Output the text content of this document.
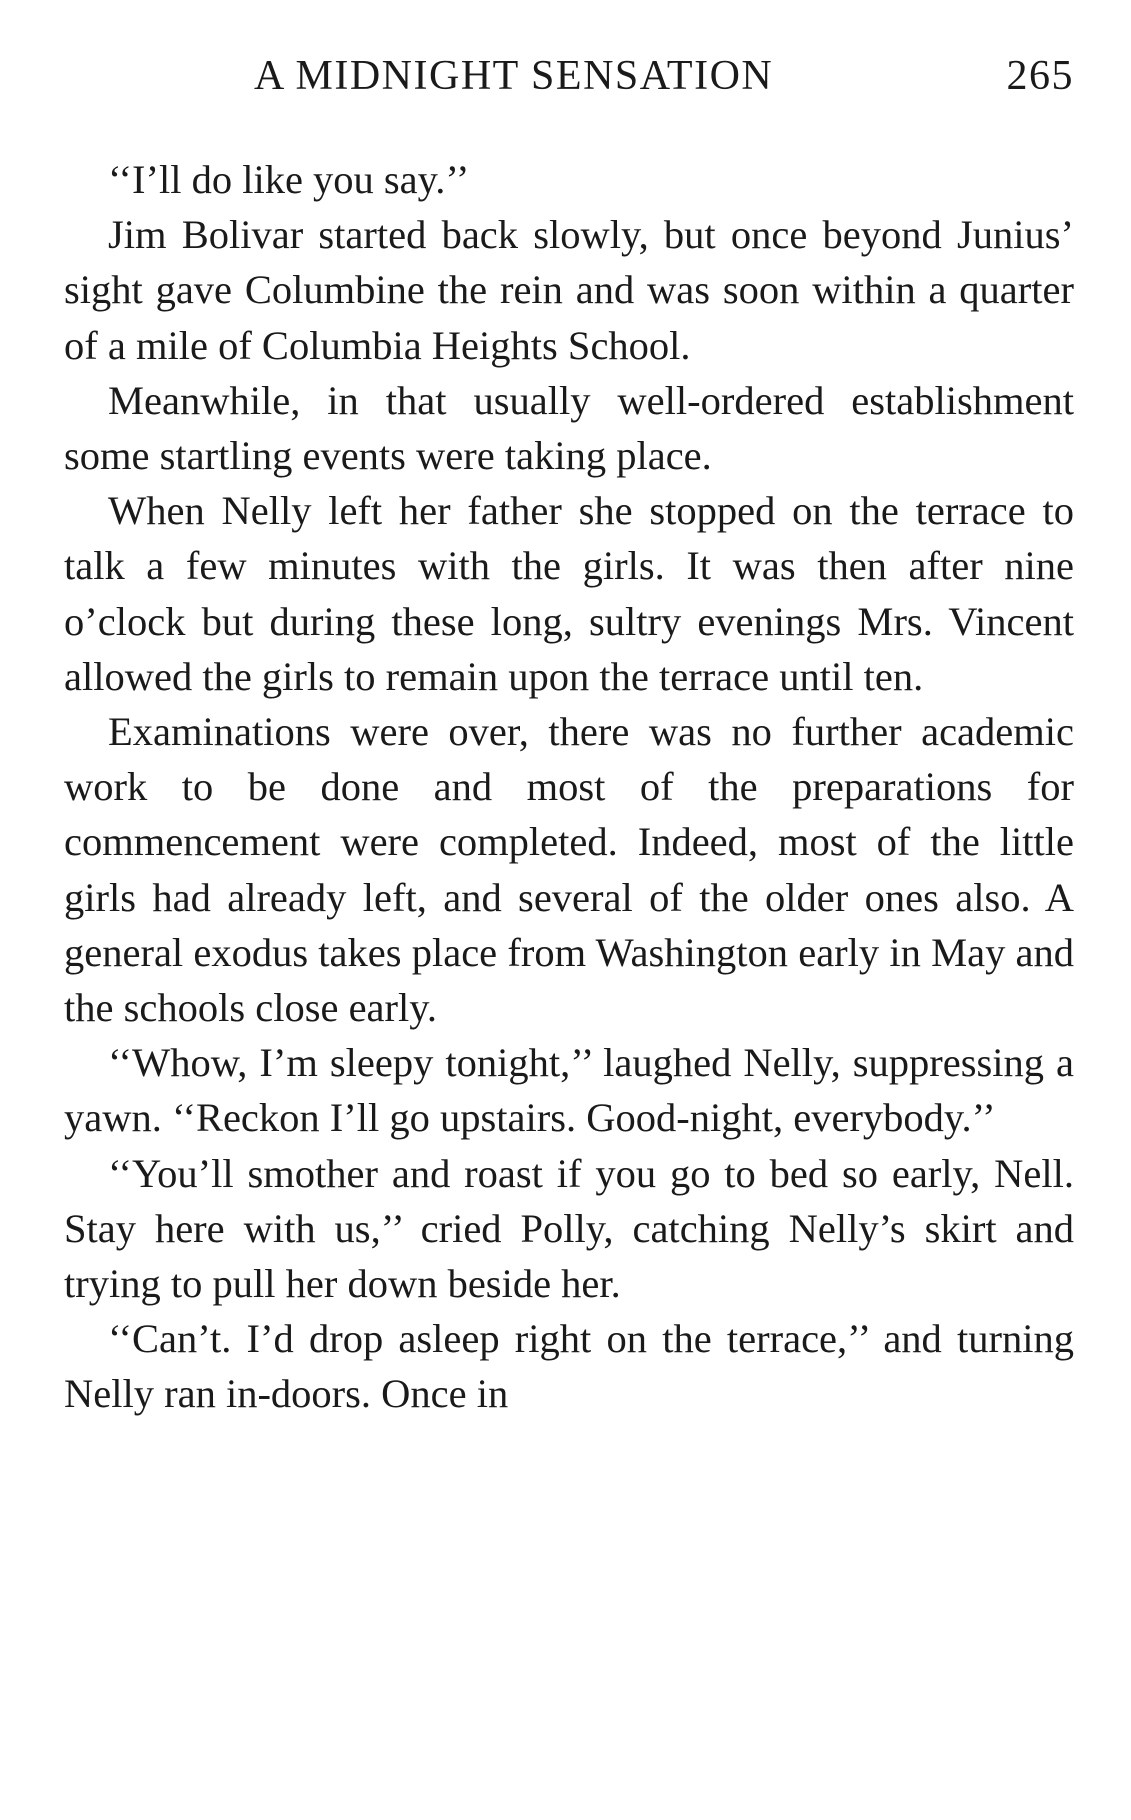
A MIDNIGHT SENSATION	265

‘‘I’ll do like you say.’’

Jim Bolivar started back slowly, but once beyond Junius’ sight gave Columbine the rein and was soon within a quarter of a mile of Columbia Heights School.

Meanwhile, in that usually well-ordered establishment some startling events were taking place.

When Nelly left her father she stopped on the terrace to talk a few minutes with the girls. It was then after nine o’clock but during these long, sultry evenings Mrs. Vincent allowed the girls to remain upon the terrace until ten.

Examinations were over, there was no further academic work to be done and most of the preparations for commencement were completed. Indeed, most of the little girls had already left, and several of the older ones also. A general exodus takes place from Washington early in May and the schools close early.

‘‘Whow, I’m sleepy tonight,’’ laughed Nelly, suppressing a yawn. ‘‘Reckon I’ll go upstairs. Good-night, everybody.’’

‘‘You’ll smother and roast if you go to bed so early, Nell. Stay here with us,’’ cried Polly, catching Nelly’s skirt and trying to pull her down beside her.

‘‘Can’t. I’d drop asleep right on the terrace,’’ and turning Nelly ran in-doors. Once in
